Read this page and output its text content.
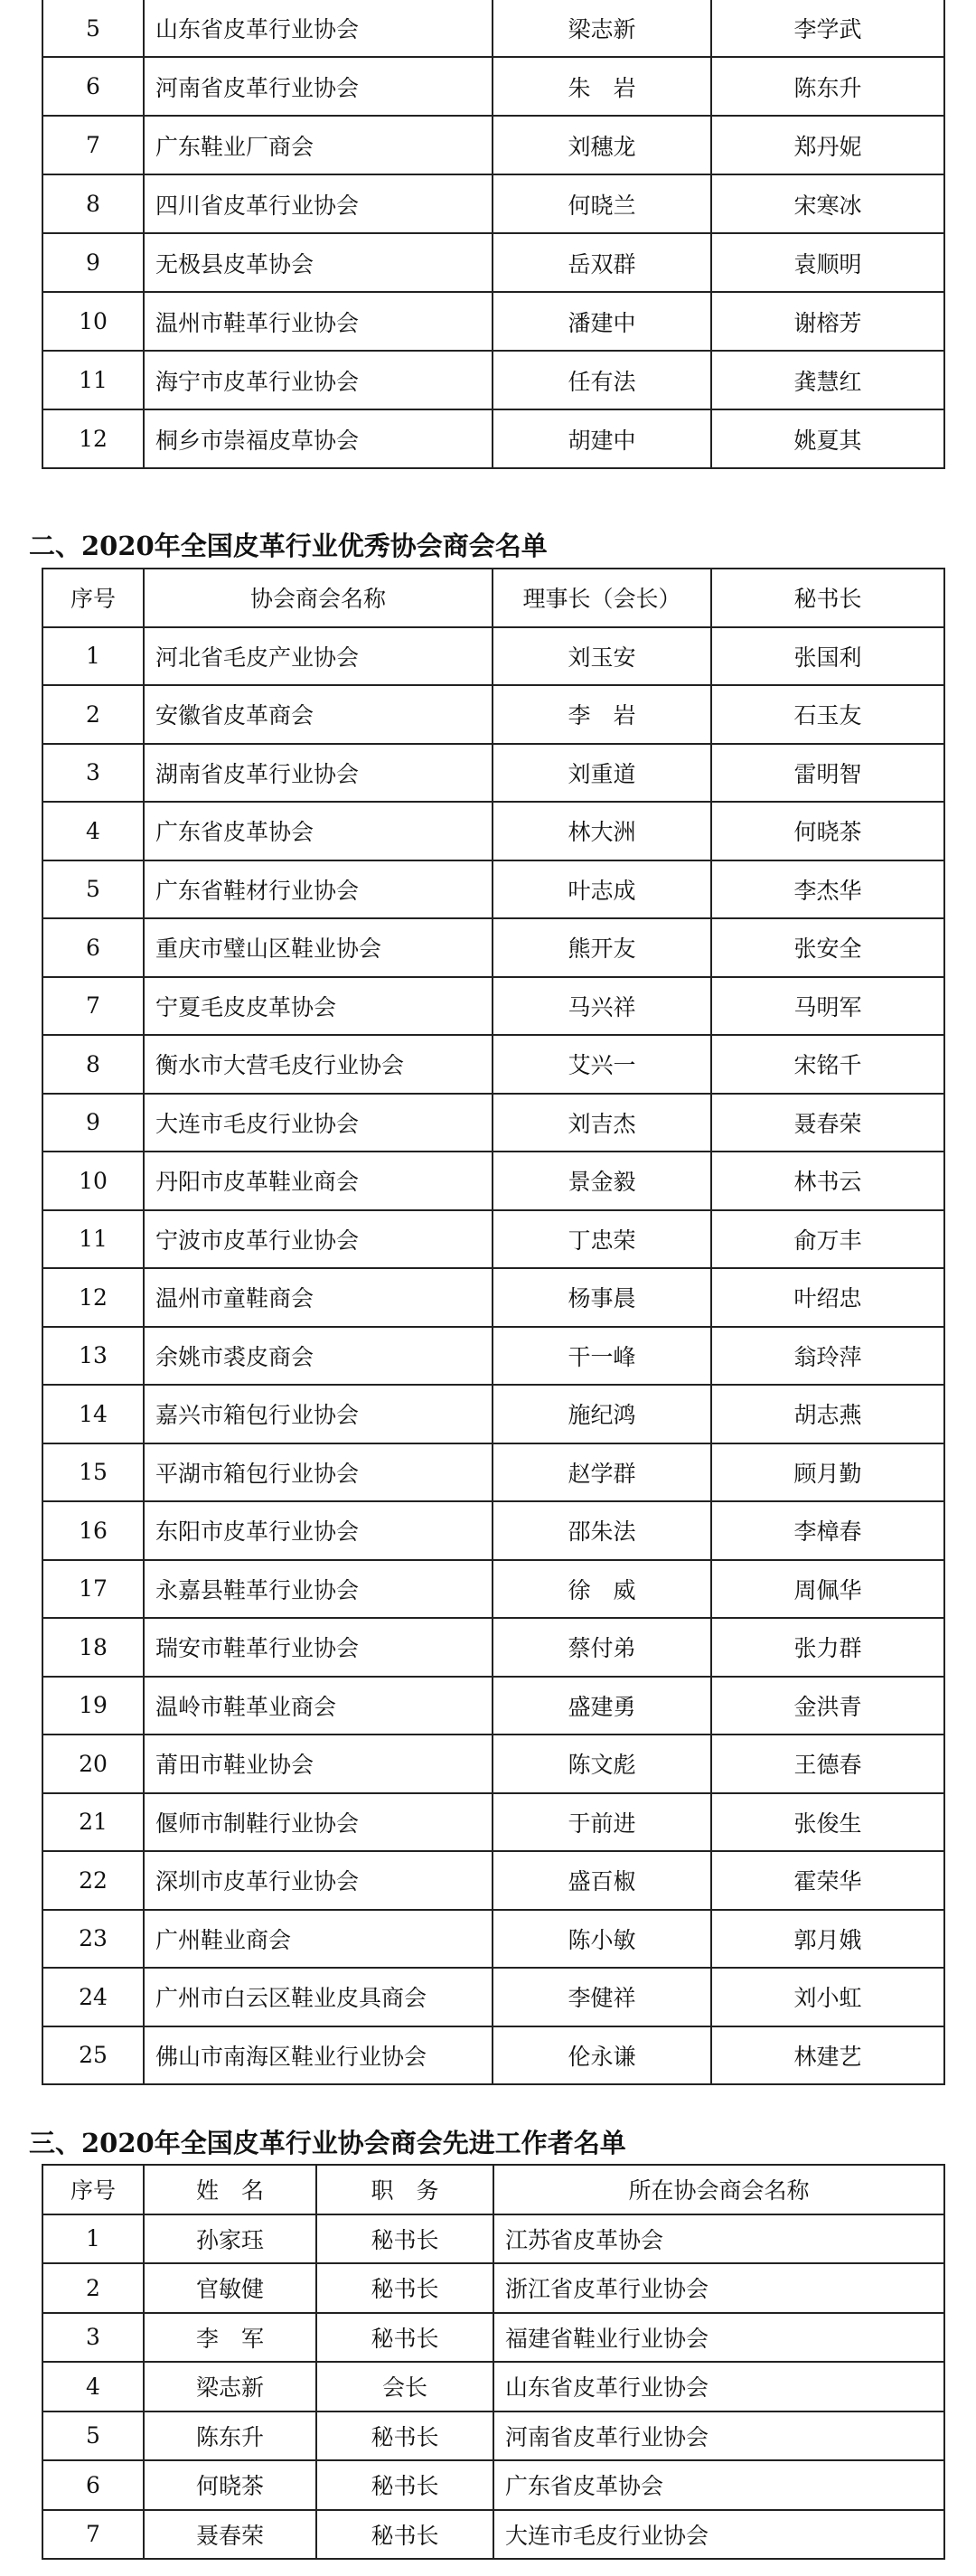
5	山东省皮革行业协会	梁志新	李学武
6	河南省皮革行业协会	朱　岩	陈东升
7	广东鞋业厂商会	刘穗龙	郑丹妮
8	四川省皮革行业协会	何晓兰	宋寒冰
9	无极县皮革协会	岳双群	袁顺明
10	温州市鞋革行业协会	潘建中	谢榕芳
11	海宁市皮革行业协会	任有法	龚慧红
12	桐乡市崇福皮草协会	胡建中	姚夏其
二、2020年全国皮革行业优秀协会商会名单
序号	协会商会名称	理事长（会长）	秘书长
1	河北省毛皮产业协会	刘玉安	张国利
2	安徽省皮革商会	李　岩	石玉友
3	湖南省皮革行业协会	刘重道	雷明智
4	广东省皮革协会	林大洲	何晓茶
5	广东省鞋材行业协会	叶志成	李杰华
6	重庆市璧山区鞋业协会	熊开友	张安全
7	宁夏毛皮皮革协会	马兴祥	马明军
8	衡水市大营毛皮行业协会	艾兴一	宋铭千
9	大连市毛皮行业协会	刘吉杰	聂春荣
10	丹阳市皮革鞋业商会	景金毅	林书云
11	宁波市皮革行业协会	丁忠荣	俞万丰
12	温州市童鞋商会	杨事晨	叶绍忠
13	余姚市裘皮商会	干一峰	翁玲萍
14	嘉兴市箱包行业协会	施纪鸿	胡志燕
15	平湖市箱包行业协会	赵学群	顾月勤
16	东阳市皮革行业协会	邵朱法	李樟春
17	永嘉县鞋革行业协会	徐　威	周佩华
18	瑞安市鞋革行业协会	蔡付弟	张力群
19	温岭市鞋革业商会	盛建勇	金洪青
20	莆田市鞋业协会	陈文彪	王德春
21	偃师市制鞋行业协会	于前进	张俊生
22	深圳市皮革行业协会	盛百椒	霍荣华
23	广州鞋业商会	陈小敏	郭月娥
24	广州市白云区鞋业皮具商会	李健祥	刘小虹
25	佛山市南海区鞋业行业协会	伦永谦	林建艺
三、2020年全国皮革行业协会商会先进工作者名单
序号	姓　名	职　务	所在协会商会名称
1	孙家珏	秘书长	江苏省皮革协会
2	官敏健	秘书长	浙江省皮革行业协会
3	李　军	秘书长	福建省鞋业行业协会
4	梁志新	会长	山东省皮革行业协会
5	陈东升	秘书长	河南省皮革行业协会
6	何晓茶	秘书长	广东省皮革协会
7	聂春荣	秘书长	大连市毛皮行业协会
